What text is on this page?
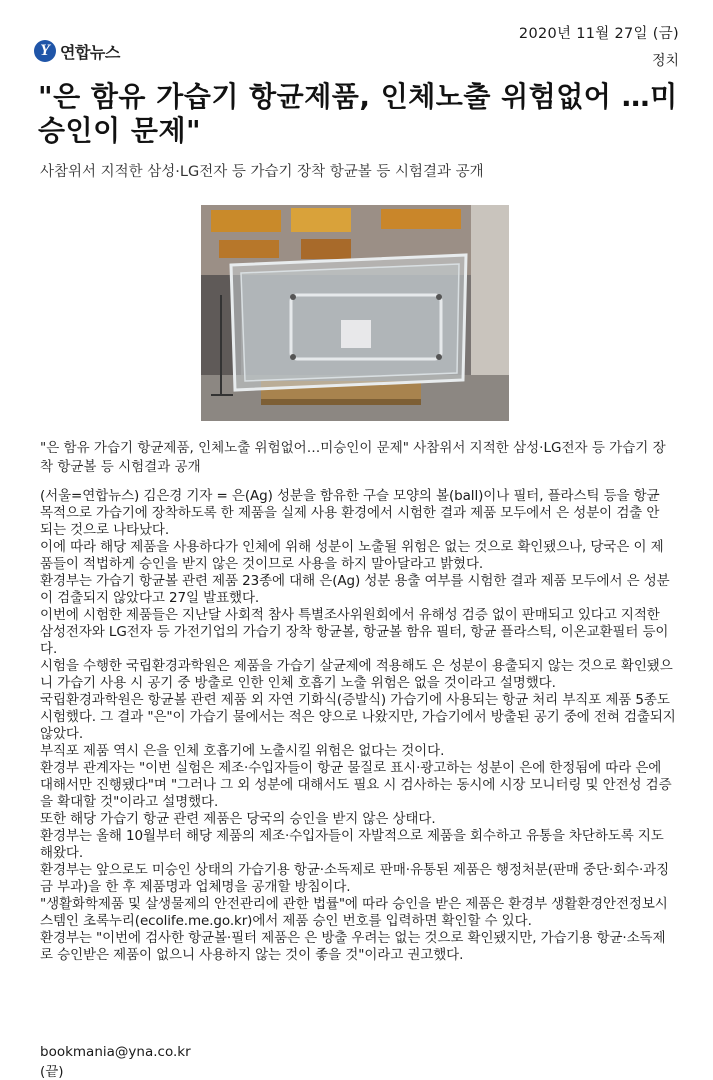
2020년 11월 27일 (금)
정치
Y 연합뉴스
"은 함유 가습기 항균제품, 인체노출 위험없어 …미승인이 문제"
사참위서 지적한 삼성·LG전자 등 가습기 장착 항균볼 등 시험결과 공개

"은 함유 가습기 항균제품, 인체노출 위험없어…미승인이 문제" 사참위서 지적한 삼성·LG전자 등 가습기 장착 항균볼 등 시험결과 공개

(서울=연합뉴스) 김은경 기자 = 은(Ag) 성분을 함유한 구슬 모양의 볼(ball)이나 필터, 플라스틱 등을 항균 목적으로 가습기에 장착하도록 한 제품을 실제 사용 환경에서 시험한 결과 제품 모두에서 은 성분이 검출 안 되는 것으로 나타났다.

이에 따라 해당 제품을 사용하다가 인체에 위해 성분이 노출될 위험은 없는 것으로 확인됐으나, 당국은 이 제품들이 적법하게 승인을 받지 않은 것이므로 사용을 하지 말아달라고 밝혔다.

환경부는 가습기 항균볼 관련 제품 23종에 대해 은(Ag) 성분 용출 여부를 시험한 결과 제품 모두에서 은 성분이 검출되지 않았다고 27일 발표했다.

이번에 시험한 제품들은 지난달 사회적 참사 특별조사위원회에서 유해성 검증 없이 판매되고 있다고 지적한 삼성전자와 LG전자 등 가전기업의 가습기 장착 항균볼, 항균볼 함유 필터, 항균 플라스틱, 이온교환필터 등이다.

시험을 수행한 국립환경과학원은 제품을 가습기 살균제에 적용해도 은 성분이 용출되지 않는 것으로 확인됐으니 가습기 사용 시 공기 중 방출로 인한 인체 호흡기 노출 위험은 없을 것이라고 설명했다.

국립환경과학원은 항균볼 관련 제품 외 자연 기화식(증발식) 가습기에 사용되는 항균 처리 부직포 제품 5종도 시험했다. 그 결과 "은"이 가습기 물에서는 적은 양으로 나왔지만, 가습기에서 방출된 공기 중에 전혀 검출되지 않았다.

부직포 제품 역시 은을 인체 호흡기에 노출시킬 위험은 없다는 것이다.

환경부 관계자는 "이번 실험은 제조·수입자들이 항균 물질로 표시·광고하는 성분이 은에 한정됨에 따라 은에 대해서만 진행됐다"며 "그러나 그 외 성분에 대해서도 필요 시 검사하는 동시에 시장 모니터링 및 안전성 검증을 확대할 것"이라고 설명했다.

또한 해당 가습기 항균 관련 제품은 당국의 승인을 받지 않은 상태다.

환경부는 올해 10월부터 해당 제품의 제조·수입자들이 자발적으로 제품을 회수하고 유통을 차단하도록 지도해왔다.

환경부는 앞으로도 미승인 상태의 가습기용 항균·소독제로 판매·유통된 제품은 행정처분(판매 중단·회수·과징금 부과)을 한 후 제품명과 업체명을 공개할 방침이다.

"생활화학제품 및 살생물제의 안전관리에 관한 법률"에 따라 승인을 받은 제품은 환경부 생활환경안전정보시스템인 초록누리(ecolife.me.go.kr)에서 제품 승인 번호를 입력하면 확인할 수 있다.

환경부는 "이번에 검사한 항균볼·필터 제품은 은 방출 우려는 없는 것으로 확인됐지만, 가습기용 항균·소독제로 승인받은 제품이 없으니 사용하지 않는 것이 좋을 것"이라고 권고했다.

bookmania@yna.co.kr
(끝)
